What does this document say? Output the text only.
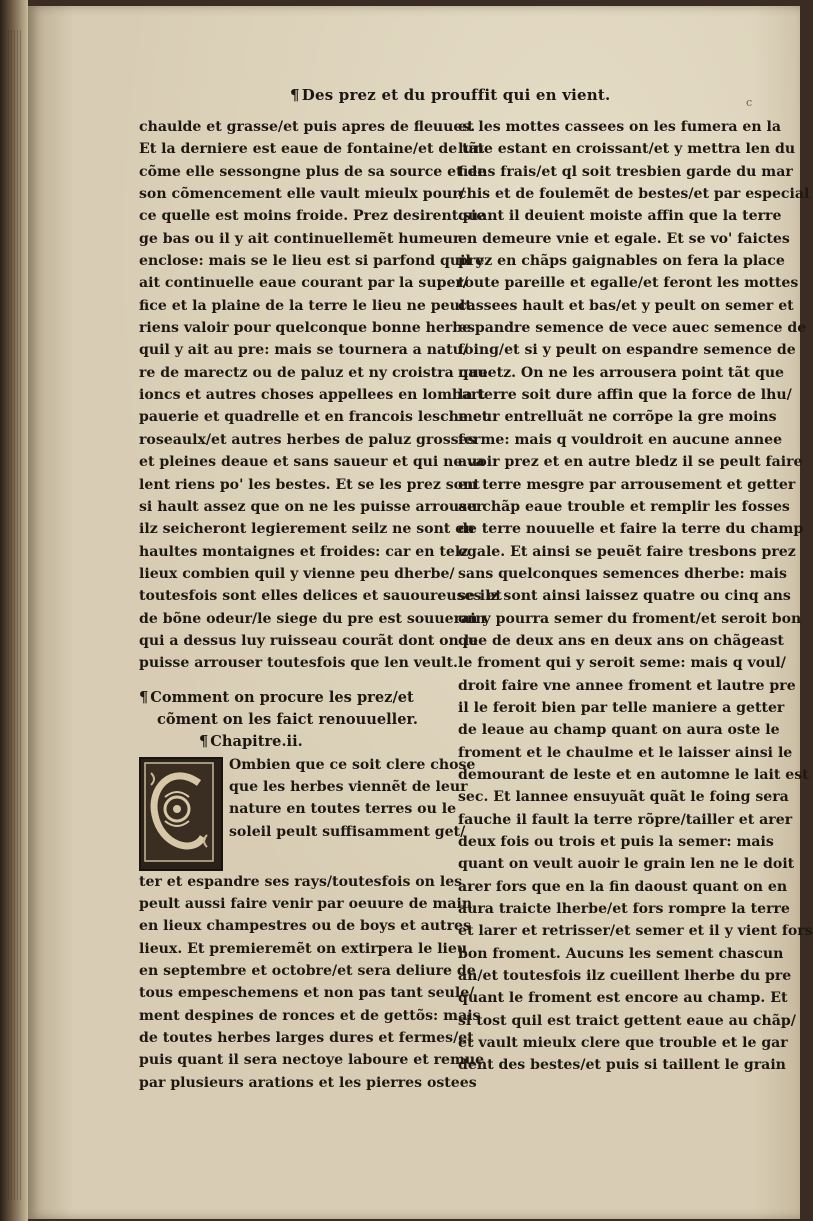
¶ Des prez et du prouffit qui en vient.	c
chaulde et grasse/et puis apres de fleuues.
Et la derniere est eaue de fontaine/et de tãt
cõme elle sessongne plus de sa source et de
son cõmencement elle vault mieulx pour/
ce quelle est moins froide. Prez desirent sie
ge bas ou il y ait continuellemẽt humeur
enclose: mais se le lieu est si parfond quil y
ait continuelle eaue courant par la super/
fice et la plaine de la terre le lieu ne peult
riens valoir pour quelconque bonne herbe
quil y ait au pre: mais se tournera a natu/
re de marectz ou de paluz et ny croistra que
ioncs et autres choses appellees en lombart
pauerie et quadrelle et en francois lesche et
roseaulx/et autres herbes de paluz grosses
et pleines deaue et sans saueur et qui ne va
lent riens po' les bestes. Et se les prez sont
si hault assez que on ne les puisse arrouser
ilz seicheront legierement seilz ne sont en
haultes montaignes et froides: car en telz
lieux combien quil y vienne peu dherbe/
toutesfois sont elles delices et sauoureuses et
de bõne odeur/le siege du pre est souuerain
qui a dessus luy ruisseau courãt dont on le
puisse arrouser toutesfois que len veult.
¶ Comment on procure les prez/et
cõment on les faict renouueller.
¶ Chapitre.ii.
Ombien que ce soit clere chose
que les herbes viennẽt de leur
nature en toutes terres ou le
soleil peult suffisamment get/
ter et espandre ses rays/toutesfois on les
peult aussi faire venir par oeuure de main
en lieux champestres ou de boys et autres
lieux. Et premieremẽt on extirpera le lieu
en septembre et octobre/et sera deliure de
tous empeschemens et non pas tant seule/
ment despines de ronces et de gettõs: mais
de toutes herbes larges dures et fermes/et
puis quant il sera nectoye laboure et remue
par plusieurs arations et les pierres ostees
et les mottes cassees on les fumera en la
lune estant en croissant/et y mettra len du
fiens frais/et ql soit tresbien garde du mar
chis et de foulemẽt de bestes/et par especial
quant il deuient moiste affin que la terre
en demeure vnie et egale. Et se vo' faictes
prez en chãps gaignables on fera la place
toute pareille et egalle/et feront les mottes
cassees hault et bas/et y peult on semer et
espandre semence de vece auec semence de
foing/et si y peult on espandre semence de
nauetz. On ne les arrousera point tãt que
la terre soit dure affin que la force de lhu/
meur entrelluãt ne corrõpe la gre moins
ferme: mais q vouldroit en aucune annee
auoir prez et en autre bledz il se peult faire
en terre mesgre par arrousement et getter
au chãp eaue trouble et remplir les fosses
de terre nouuelle et faire la terre du champ
egale. Et ainsi se peuẽt faire tresbons prez
sans quelconques semences dherbe: mais
se ilz sont ainsi laissez quatre ou cinq ans
on y pourra semer du froment/et seroit bon
que de deux ans en deux ans on chãgeast
le froment qui y seroit seme: mais q voul/
droit faire vne annee froment et lautre pre
il le feroit bien par telle maniere a getter
de leaue au champ quant on aura oste le
froment et le chaulme et le laisser ainsi le
demourant de leste et en automne le lait est
sec. Et lannee ensuyuãt quãt le foing sera
fauche il fault la terre rõpre/tailler et arer
deux fois ou trois et puis la semer: mais
quant on veult auoir le grain len ne le doit
arer fors que en la fin daoust quant on en
aura traicte lherbe/et fors rompre la terre
et larer et retrisser/et semer et il y vient fors
bon froment. Aucuns les sement chascun
an/et toutesfois ilz cueillent lherbe du pre
quant le froment est encore au champ. Et
si tost quil est traict gettent eaue au chãp/
et vault mieulx clere que trouble et le gar
dent des bestes/et puis si taillent le grain
